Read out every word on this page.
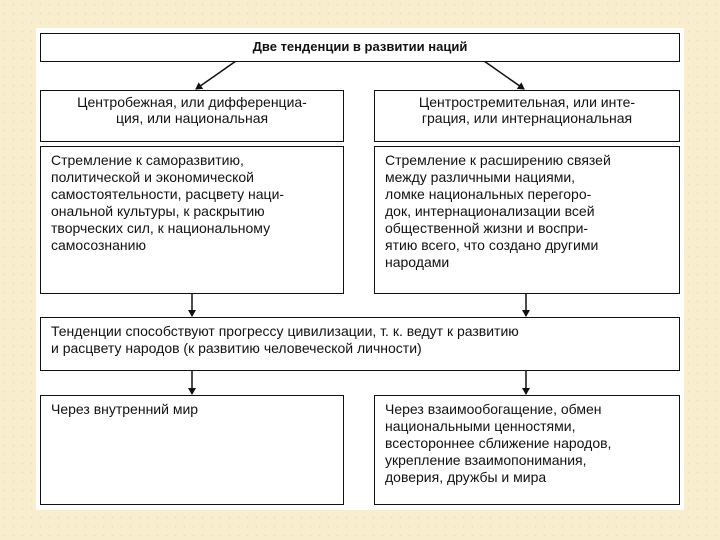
Две тенденции в развитии наций
Центробежная, или дифференциа-
ция, или национальная
Центростремительная, или инте-
грация, или интернациональная
Стремление к саморазвитию,
политической и экономической
самостоятельности, расцвету наци-
ональной культуры, к раскрытию
творческих сил, к национальному
самосознанию
Стремление к расширению связей
между различными нациями,
ломке национальных перегоро-
док, интернационализации всей
общественной жизни и воспри-
ятию всего, что создано другими
народами
Тенденции способствуют прогрессу цивилизации, т. к. ведут к развитию
и расцвету народов (к развитию человеческой личности)
Через внутренний мир	Через взаимообогащение, обмен
национальными ценностями,
всестороннее сближение народов,
укрепление взаимопонимания,
доверия, дружбы и мира
